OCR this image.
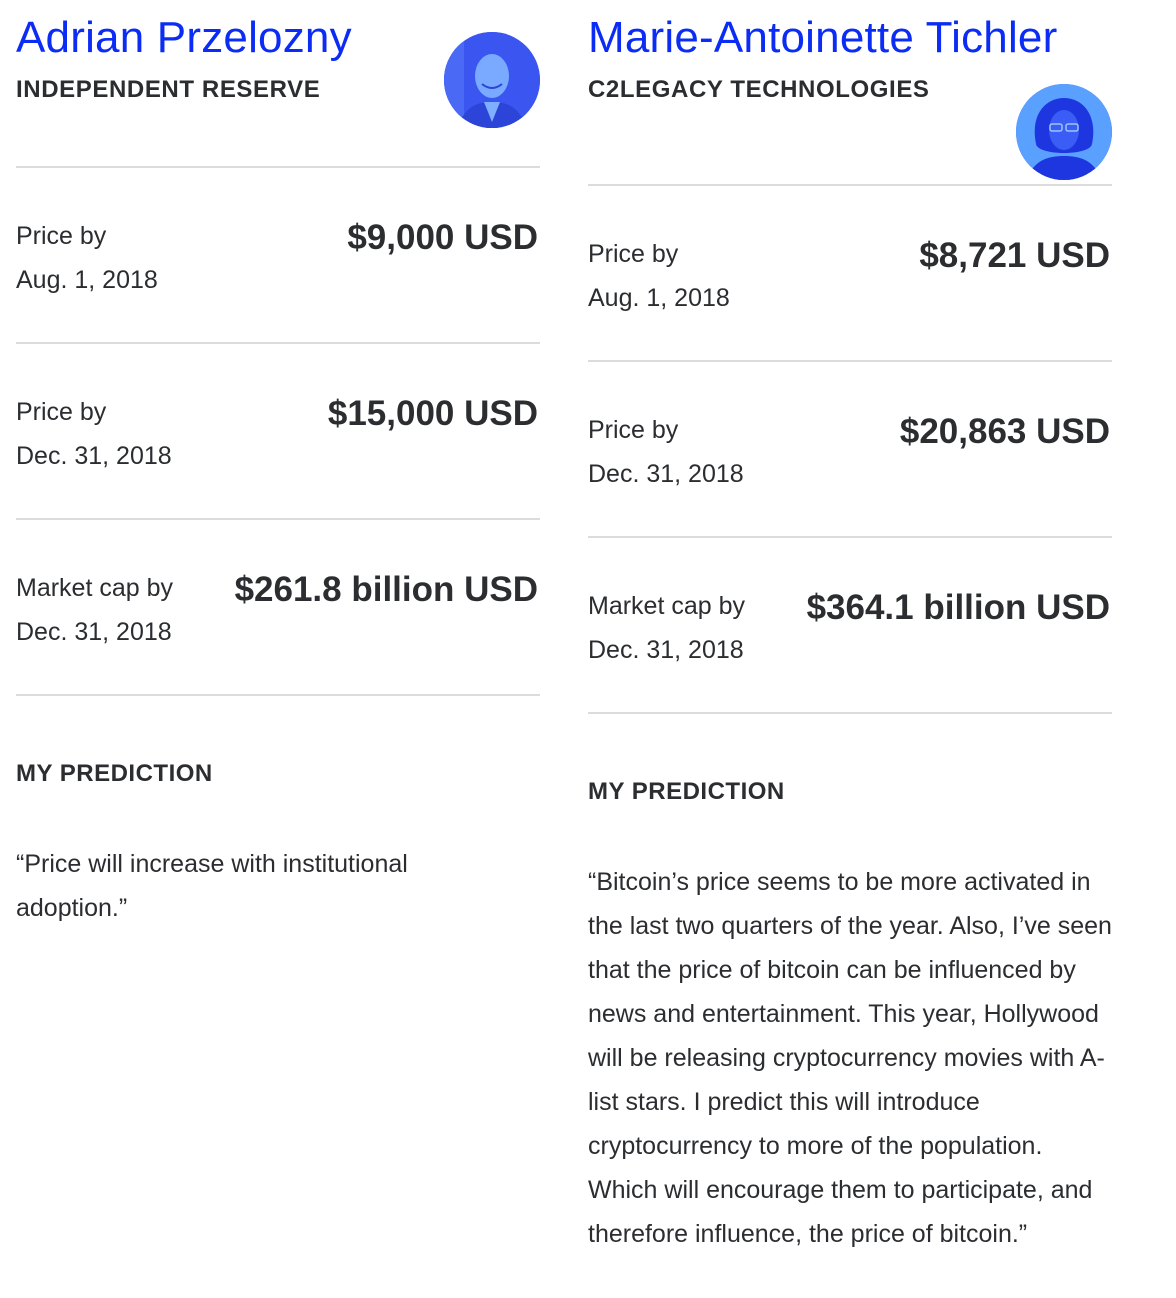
Adrian Przelozny
INDEPENDENT RESERVE
Price by
Aug. 1, 2018
$9,000 USD
Price by
Dec. 31, 2018
$15,000 USD
Market cap by
Dec. 31, 2018
$261.8 billion USD
MY PREDICTION
“Price will increase with institutional adoption.”
Marie-Antoinette Tichler
C2LEGACY TECHNOLOGIES
Price by
Aug. 1, 2018
$8,721 USD
Price by
Dec. 31, 2018
$20,863 USD
Market cap by
Dec. 31, 2018
$364.1 billion USD
MY PREDICTION
“Bitcoin’s price seems to be more activated in the last two quarters of the year. Also, I’ve seen that the price of bitcoin can be influenced by news and entertainment. This year, Hollywood will be releasing cryptocurrency movies with A-list stars. I predict this will introduce cryptocurrency to more of the population. Which will encourage them to participate, and therefore influence, the price of bitcoin.”
